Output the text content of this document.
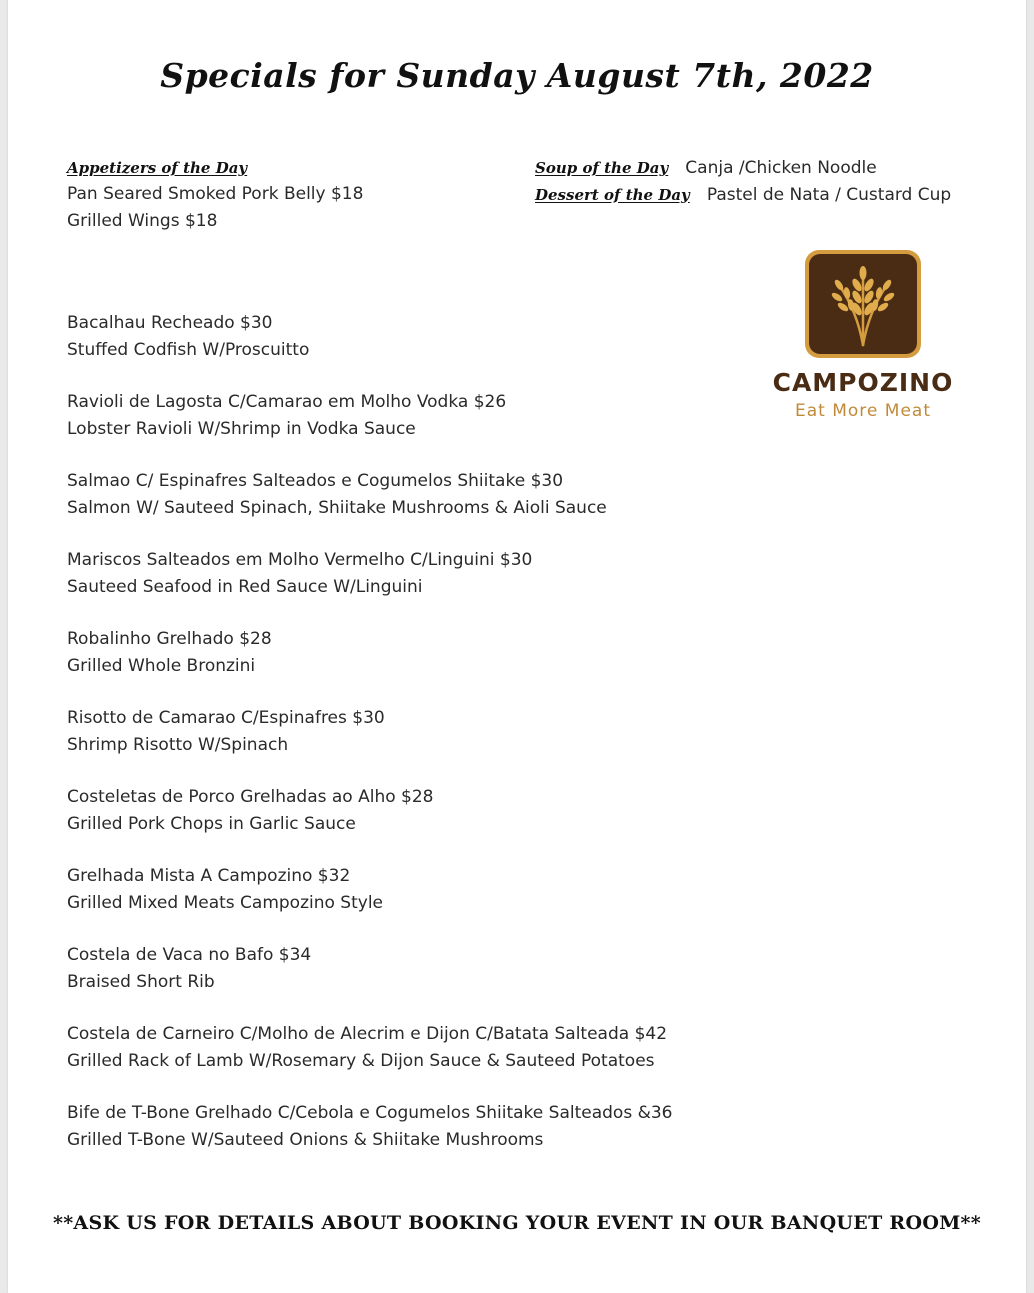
Specials for Sunday August 7th, 2022
Appetizers of the Day
Pan Seared Smoked Pork Belly $18
Grilled Wings $18
Soup of the Day Canja /Chicken Noodle
Dessert of the Day Pastel de Nata / Custard Cup
CAMPOZINO
Eat More Meat
Bacalhau Recheado $30
Stuffed Codfish W/Proscuitto
Ravioli de Lagosta C/Camarao em Molho Vodka $26
Lobster Ravioli W/Shrimp in Vodka Sauce
Salmao C/ Espinafres Salteados e Cogumelos Shiitake $30
Salmon W/ Sauteed Spinach, Shiitake Mushrooms & Aioli Sauce
Mariscos Salteados em Molho Vermelho C/Linguini $30
Sauteed Seafood in Red Sauce W/Linguini
Robalinho Grelhado $28
Grilled Whole Bronzini
Risotto de Camarao C/Espinafres $30
Shrimp Risotto W/Spinach
Costeletas de Porco Grelhadas ao Alho $28
Grilled Pork Chops in Garlic Sauce
Grelhada Mista A Campozino $32
Grilled Mixed Meats Campozino Style
Costela de Vaca no Bafo $34
Braised Short Rib
Costela de Carneiro C/Molho de Alecrim e Dijon C/Batata Salteada $42
Grilled Rack of Lamb W/Rosemary & Dijon Sauce & Sauteed Potatoes
Bife de T-Bone Grelhado C/Cebola e Cogumelos Shiitake Salteados &36
Grilled T-Bone W/Sauteed Onions & Shiitake Mushrooms
**ASK US FOR DETAILS ABOUT BOOKING YOUR EVENT IN OUR BANQUET ROOM**
